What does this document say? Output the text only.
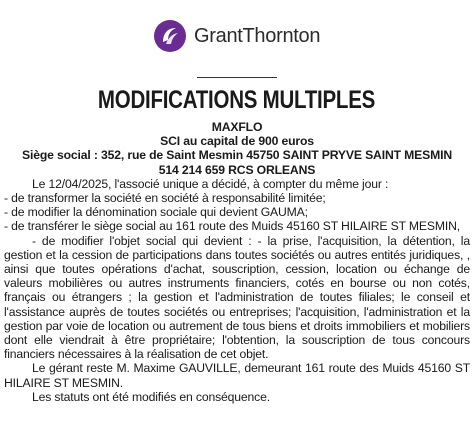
GrantThornton
MODIFICATIONS MULTIPLES
MAXFLO
SCI au capital de 900 euros
Siège social : 352, rue de Saint Mesmin 45750 SAINT PRYVE SAINT MESMIN
514 214 659 RCS ORLEANS

Le 12/04/2025, l'associé unique a décidé, à compter du même jour :

- de transformer la société en société à responsabilité limitée;

- de modifier la dénomination sociale qui devient GAUMA;

- de transférer le siège social au 161 route des Muids 45160 ST HILAIRE ST MESMIN,

- de modifier l'objet social qui devient : - la prise, l'acquisition, la détention, la gestion et la cession de participations dans toutes sociétés ou autres entités juridiques, , ainsi que toutes opérations d'achat, souscription, cession, location ou échange de valeurs mobilières ou autres instruments financiers, cotés en bourse ou non cotés, français ou étrangers ; la gestion et l'administration de toutes filiales; le conseil et l'assistance auprès de toutes sociétés ou entreprises; l'acquisition, l'administration et la gestion par voie de location ou autrement de tous biens et droits immobiliers et mobiliers dont elle viendrait à être propriétaire; l'obtention, la souscription de tous concours financiers nécessaires à la réalisation de cet objet.

Le gérant reste M. Maxime GAUVILLE, demeurant 161 route des Muids 45160 ST HILAIRE ST MESMIN.

Les statuts ont été modifiés en conséquence.
